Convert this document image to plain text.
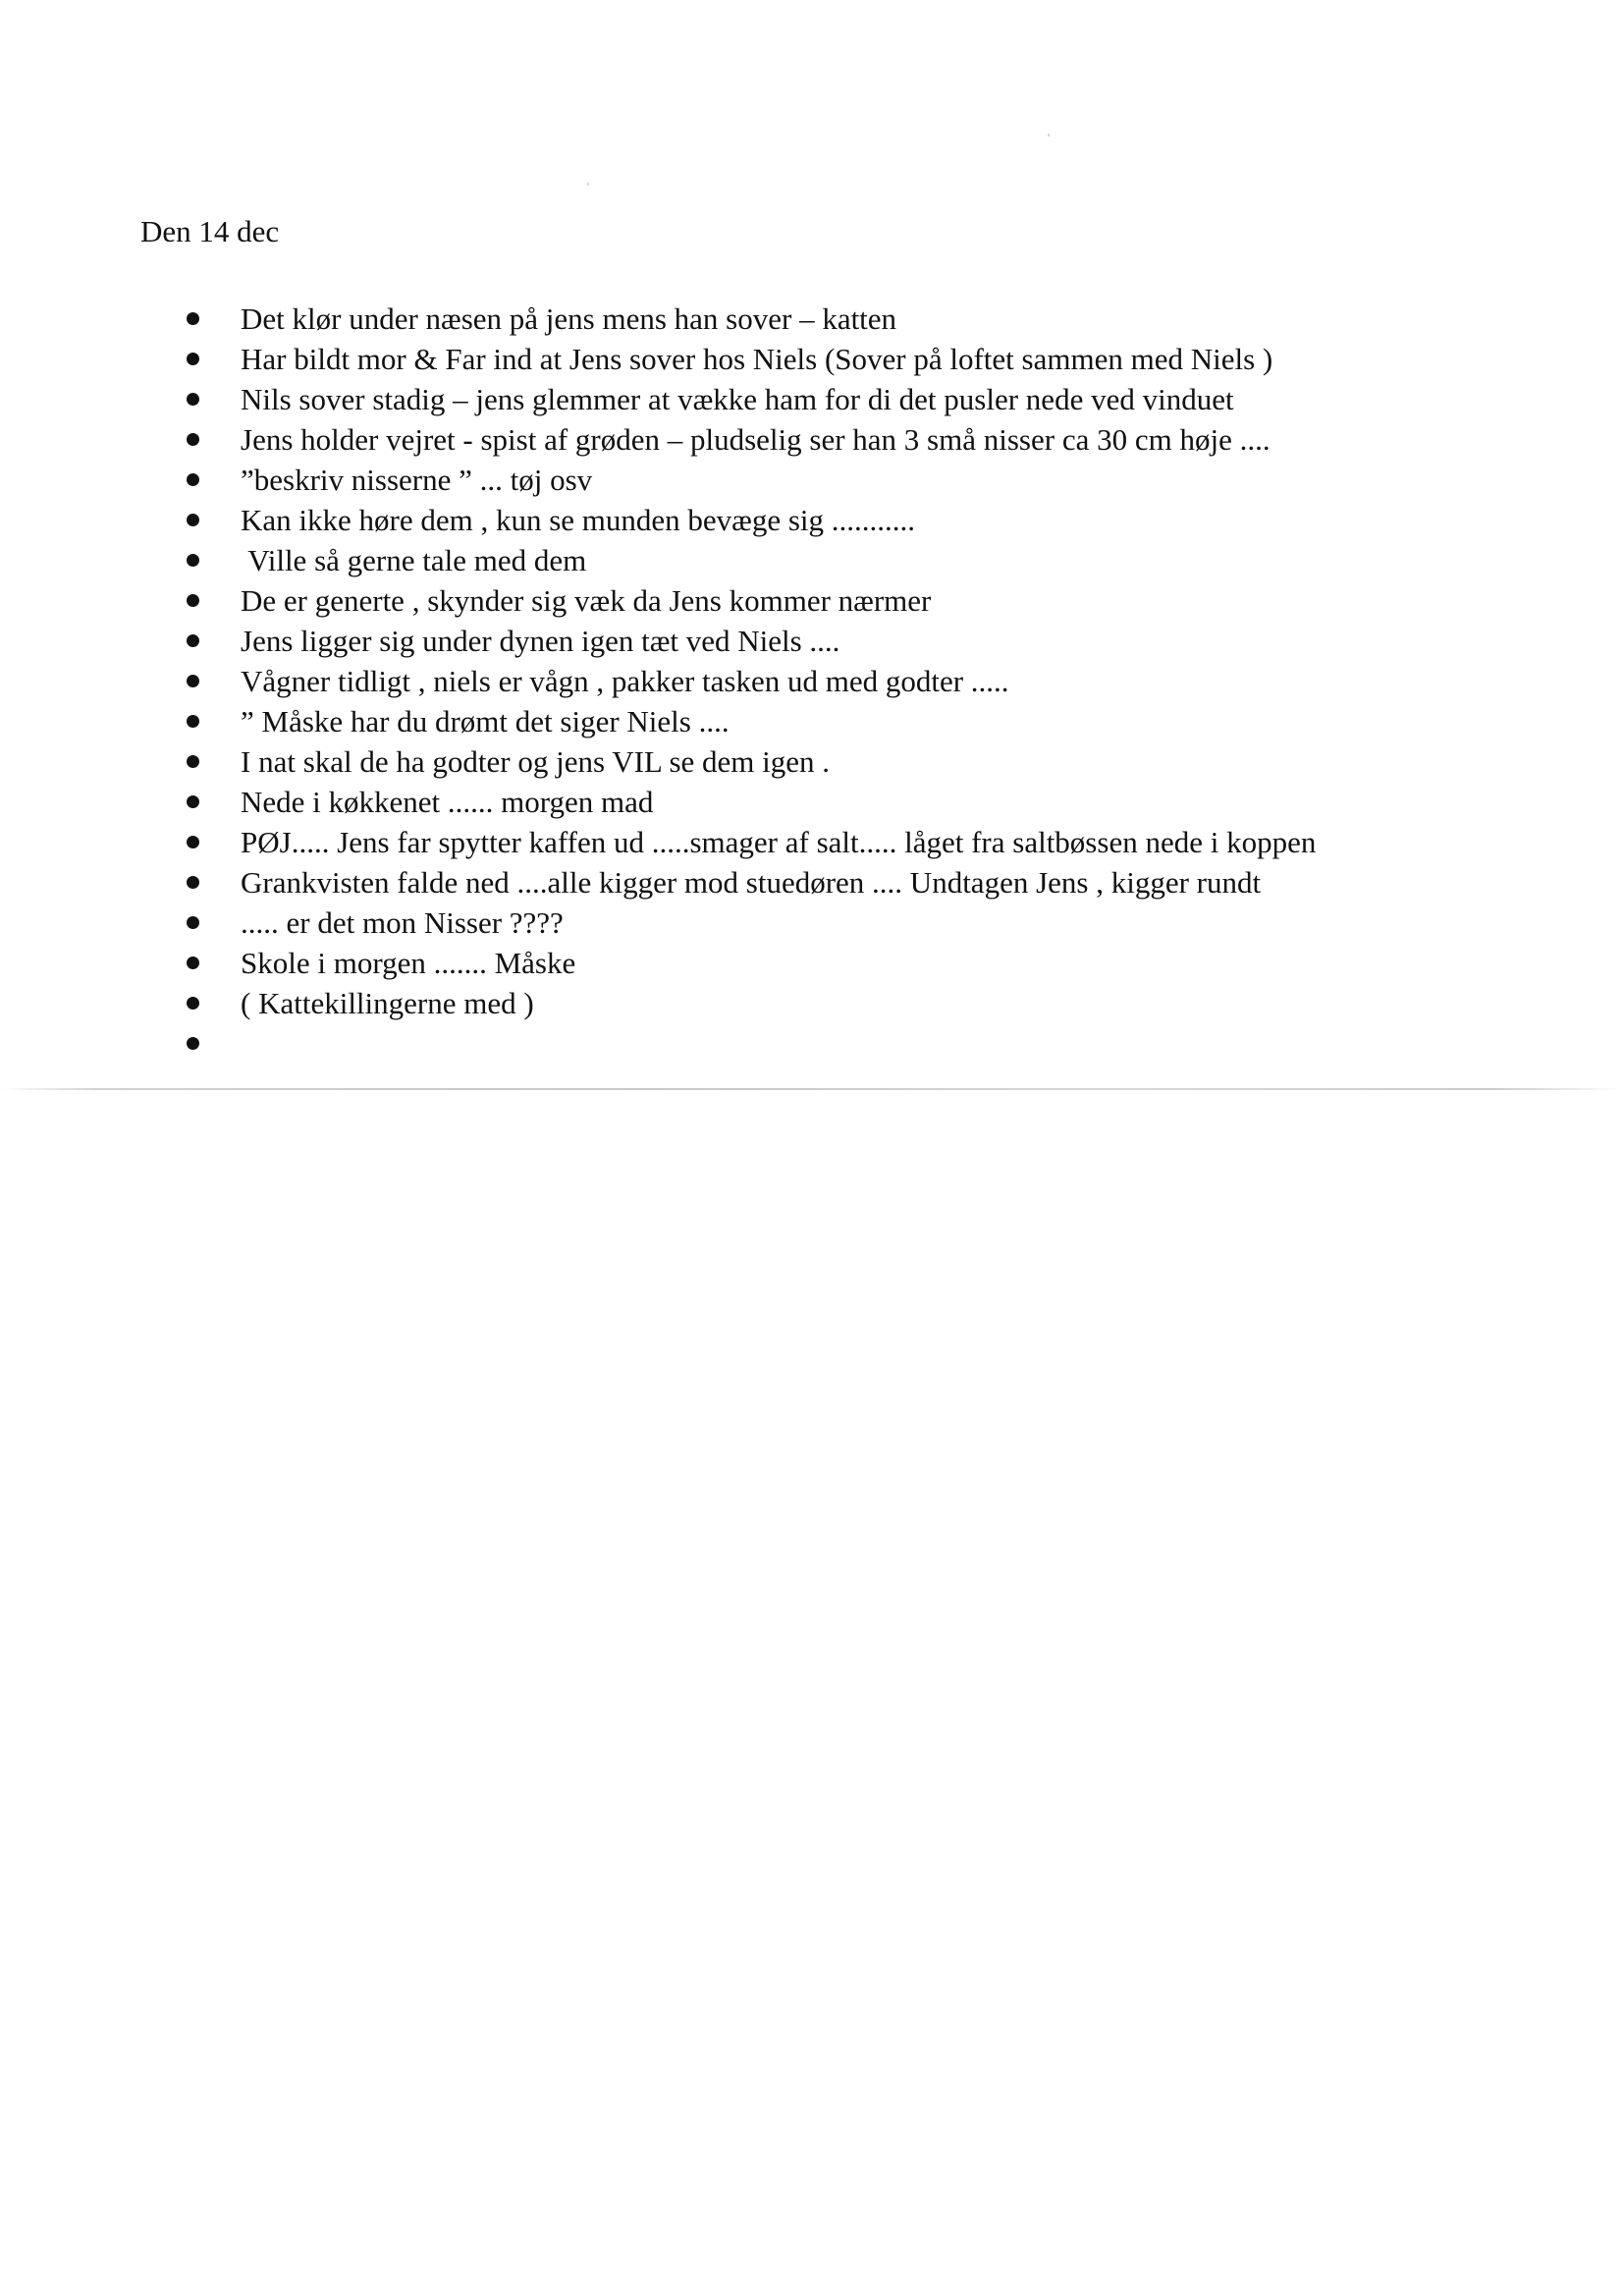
Den 14 dec
Det klør under næsen på jens mens han sover – katten
Har bildt mor & Far ind at Jens sover hos Niels (Sover på loftet sammen med Niels )
Nils sover stadig – jens glemmer at vække ham for di det pusler nede ved vinduet
Jens holder vejret - spist af grøden – pludselig ser han 3 små nisser ca 30 cm høje ....
”beskriv nisserne ” ... tøj osv
Kan ikke høre dem , kun se munden bevæge sig ...........
Ville så gerne tale med dem
De er generte , skynder sig væk da Jens kommer nærmer
Jens ligger sig under dynen igen tæt ved Niels ....
Vågner tidligt , niels er vågn , pakker tasken ud med godter .....
” Måske har du drømt det siger Niels ....
I nat skal de ha godter og jens VIL se dem igen .
Nede i køkkenet ...... morgen mad
PØJ..... Jens far spytter kaffen ud .....smager af salt..... låget fra saltbøssen nede i koppen
Grankvisten falde ned ....alle kigger mod stuedøren .... Undtagen Jens , kigger rundt
..... er det mon Nisser ????
Skole i morgen ....... Måske
( Kattekillingerne med )
